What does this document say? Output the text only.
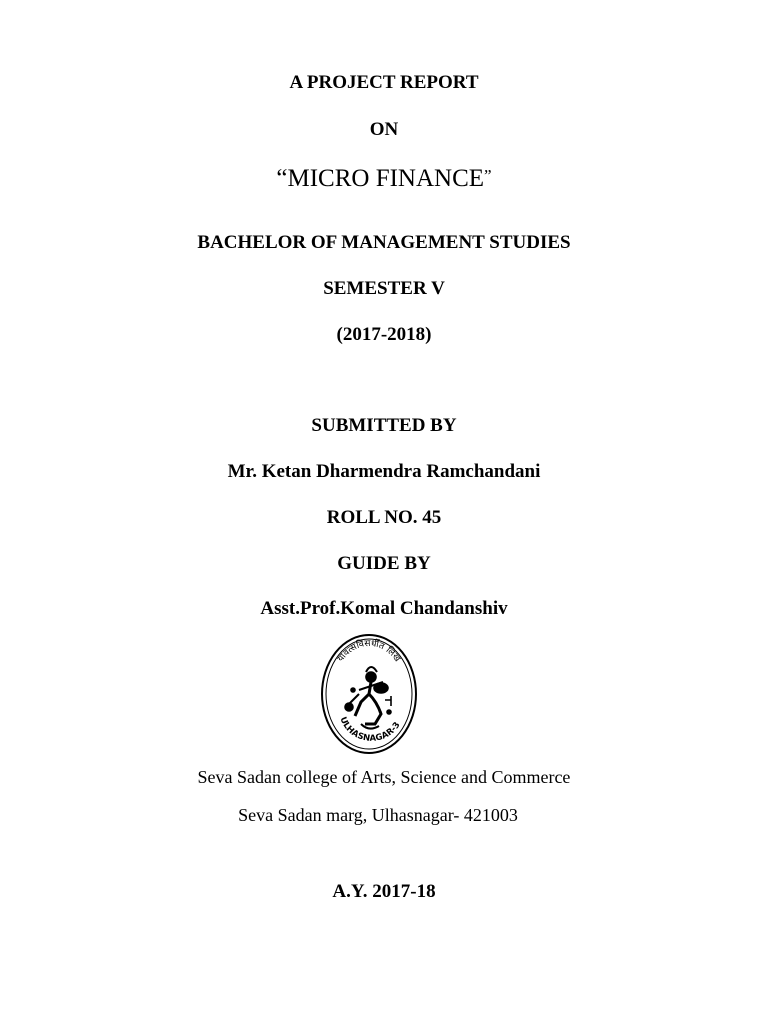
A PROJECT REPORT
ON
“MICRO FINANCE”
BACHELOR OF MANAGEMENT STUDIES
SEMESTER V
(2017-2018)
SUBMITTED BY
Mr. Ketan Dharmendra Ramchandani
ROLL NO. 45
GUIDE BY
Asst.Prof.Komal Chandanshiv
यावत्सविसर्धीत लिख
ULHASNAGAR-3
Seva Sadan college of Arts, Science and Commerce
Seva Sadan marg, Ulhasnagar- 421003
A.Y. 2017-18
